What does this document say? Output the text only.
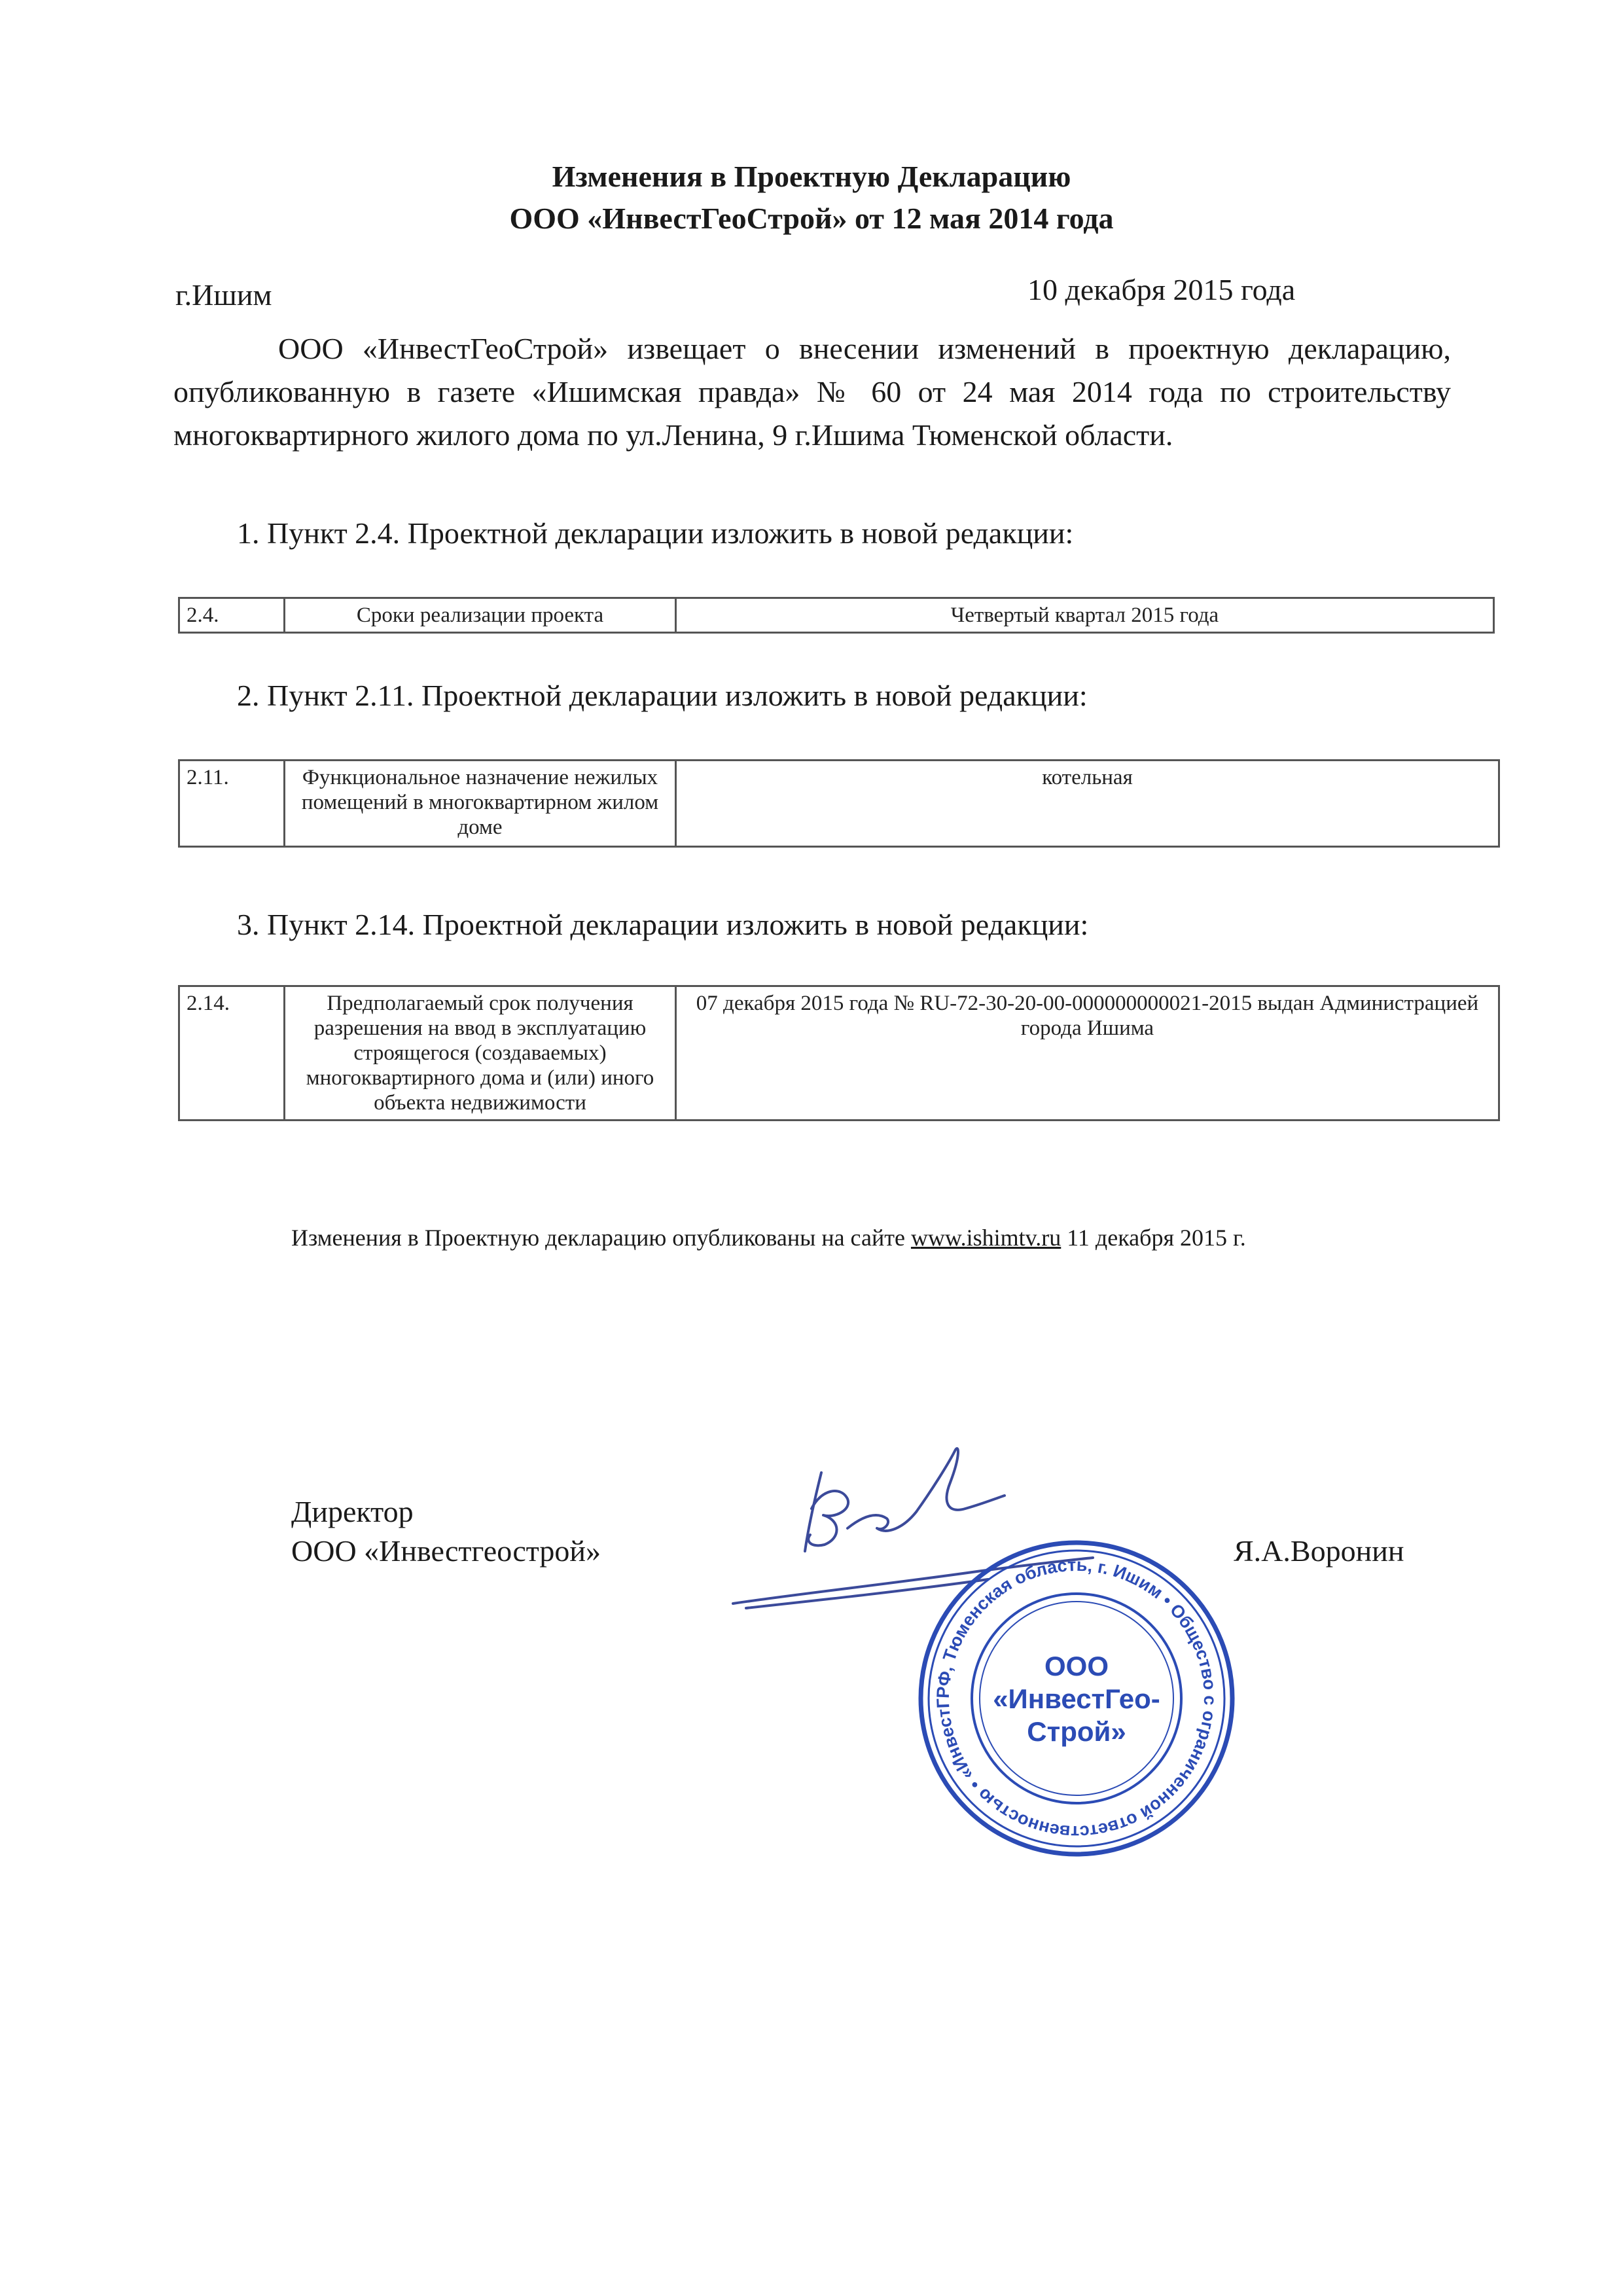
Изменения в Проектную Декларацию
ООО «ИнвестГеоСтрой» от 12 мая 2014 года
г.Ишим	10 декабря 2015 года
ООО «ИнвестГеоСтрой» извещает о внесении изменений в проектную декларацию, опубликованную в газете «Ишимская правда» № 60 от 24 мая 2014 года по строительству многоквартирного жилого дома по ул.Ленина, 9 г.Ишима Тюменской области.
1. Пункт 2.4. Проектной декларации изложить в новой редакции:
2.4.	Сроки реализации проекта	Четвертый квартал 2015 года
2. Пункт 2.11. Проектной декларации изложить в новой редакции:
2.11.	Функциональное назначение нежилых помещений в многоквартирном жилом доме	котельная
3. Пункт 2.14. Проектной декларации изложить в новой редакции:
2.14.	Предполагаемый срок получения разрешения на ввод в эксплуатацию строящегося (создаваемых) многоквартирного дома и (или) иного объекта недвижимости	07 декабря 2015 года № RU-72-30-20-00-000000000021-2015 выдан Администрацией города Ишима
Изменения в Проектную декларацию опубликованы на сайте www.ishimtv.ru 11 декабря 2015 г.
Директор
ООО «Инвестгеострой»	Я.А.Воронин
РФ, Тюменская область, г. Ишим • Общество с ограниченной ответственностью • «ИнвестГ
ООО
«ИнвестГео-
Строй»
